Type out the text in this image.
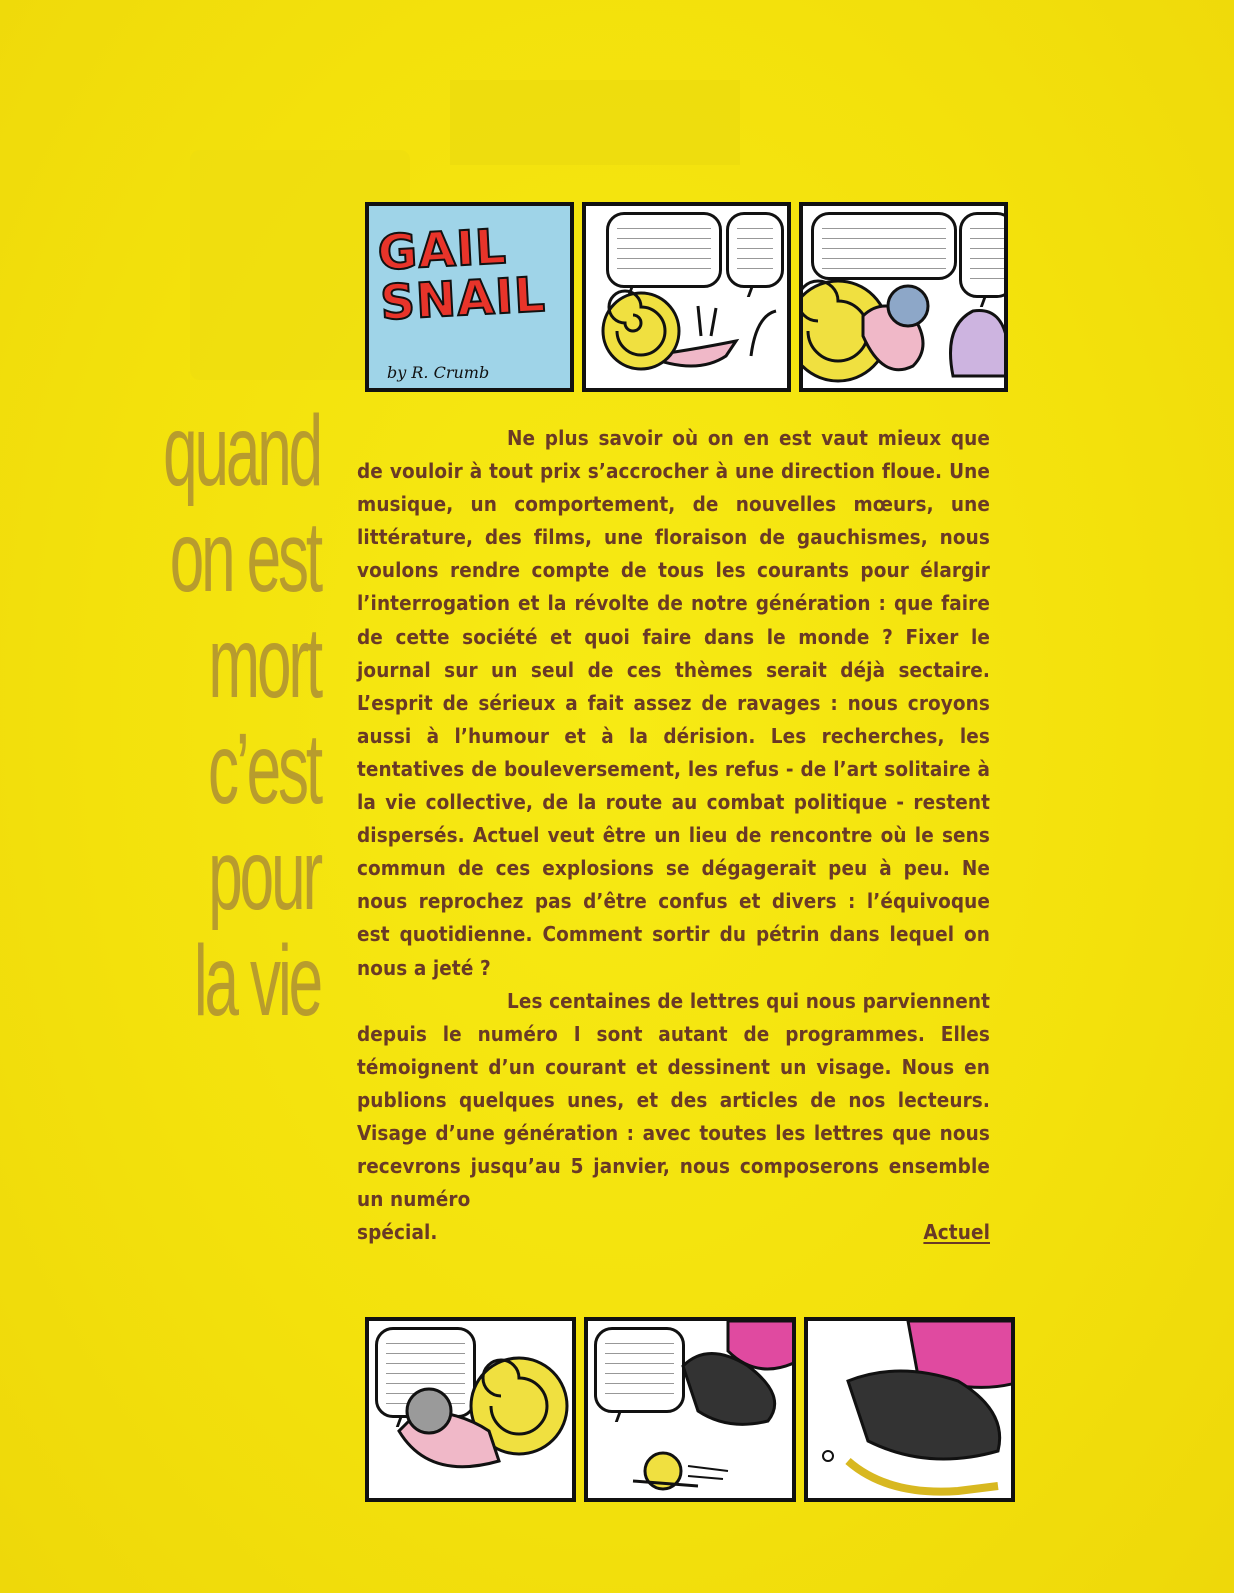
quand
on est
mort
c’est
pour
la vie
GAIL
SNAIL
by R. Crumb

Ne plus savoir où on en est vaut mieux que de vouloir à tout prix s’accrocher à une direction floue. Une musique, un comportement, de nouvelles mœurs, une littérature, des films, une floraison de gauchismes, nous voulons rendre compte de tous les courants pour élargir l’interrogation et la révolte de notre génération : que faire de cette société et quoi faire dans le monde ? Fixer le journal sur un seul de ces thèmes serait déjà sectaire. L’esprit de sérieux a fait assez de ravages : nous croyons aussi à l’humour et à la dérision. Les recherches, les tentatives de bouleversement, les refus - de l’art solitaire à la vie collective, de la route au combat politique - restent dispersés. Actuel veut être un lieu de rencontre où le sens commun de ces explosions se dégagerait peu à peu. Ne nous reprochez pas d’être confus et divers : l’équivoque est quotidienne. Comment sortir du pétrin dans lequel on nous a jeté ?

Les centaines de lettres qui nous parviennent depuis le numéro I sont autant de programmes. Elles témoignent d’un courant et dessinent un visage. Nous en publions quelques unes, et des articles de nos lecteurs. Visage d’une génération : avec toutes les lettres que nous recevrons jusqu’au 5 janvier, nous composerons ensemble un numéro

spécial.	Actuel
